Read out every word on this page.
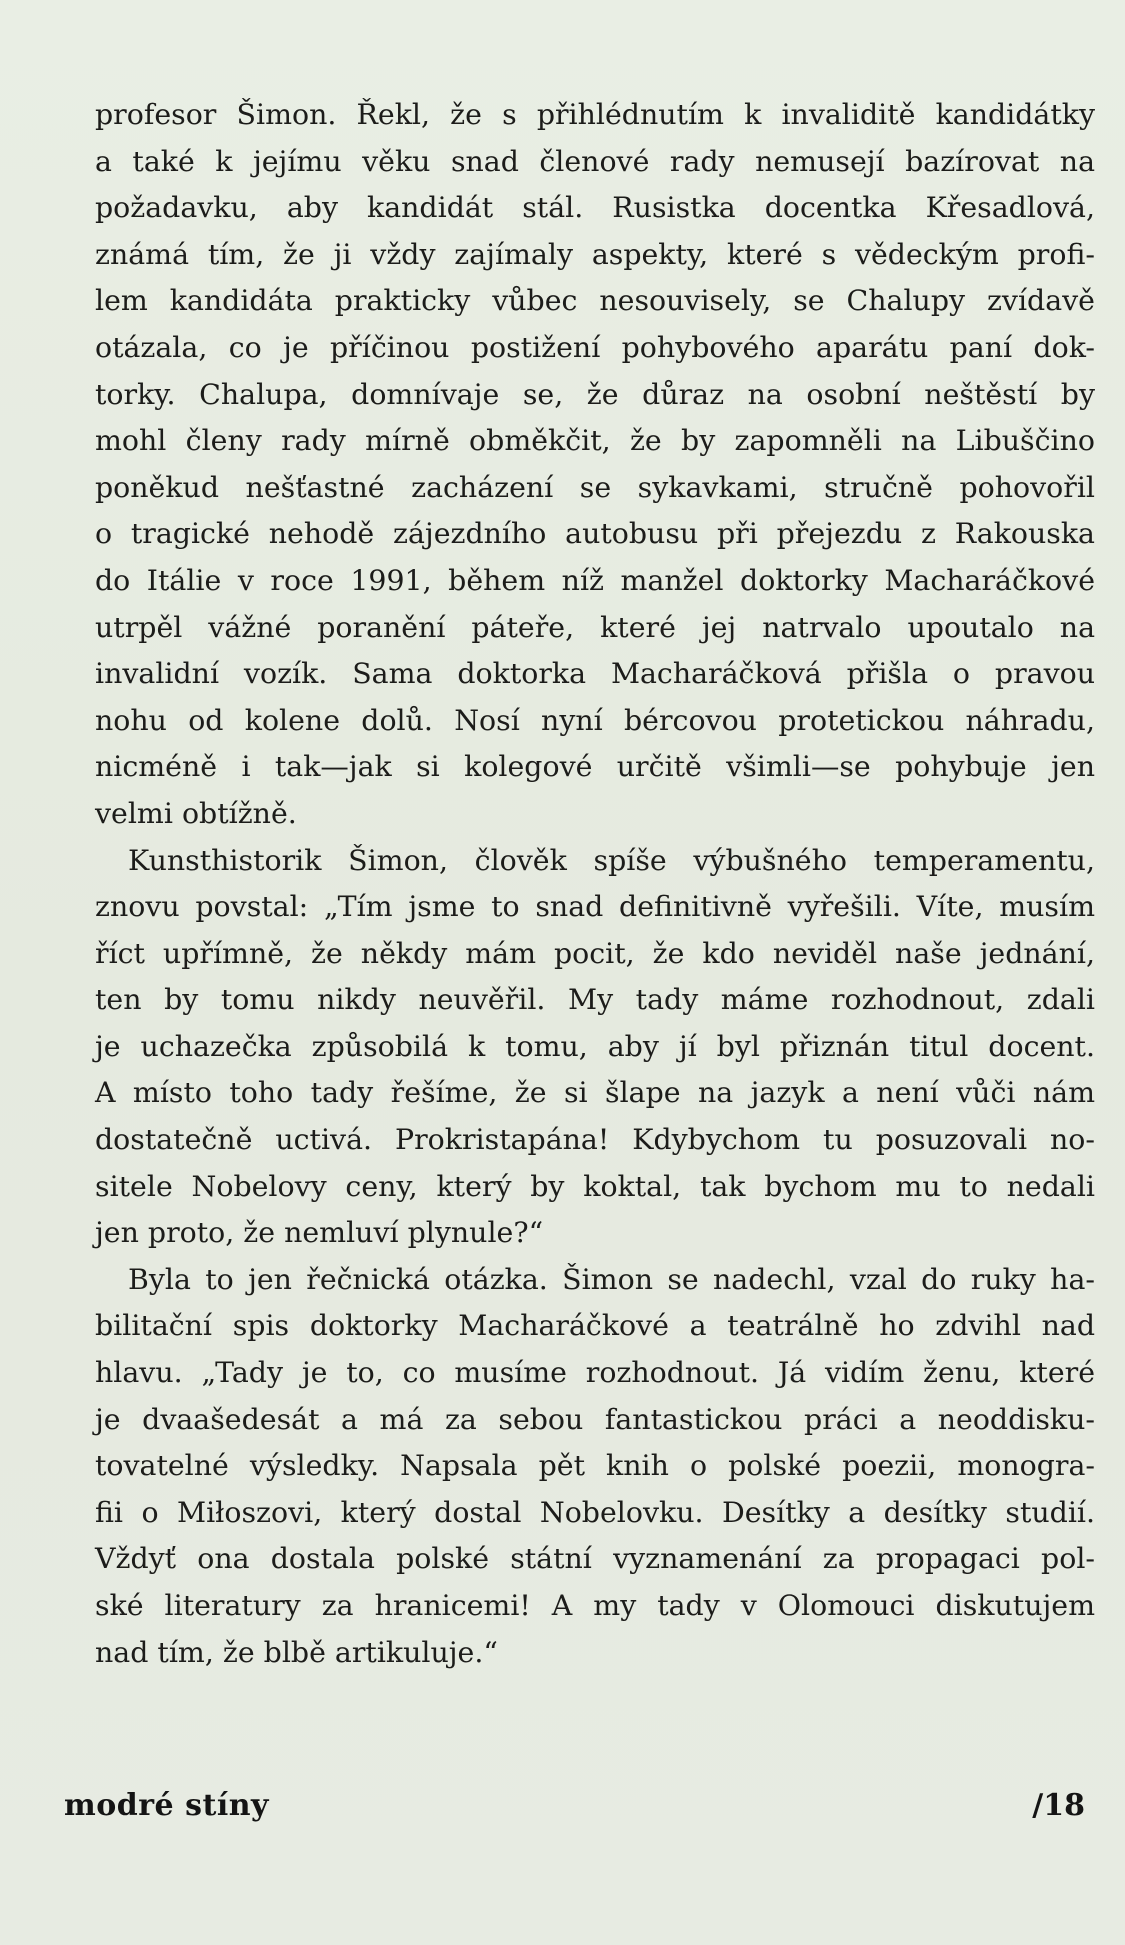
profesor Šimon. Řekl, že s přihlédnutím k invaliditě kandidátky
a také k jejímu věku snad členové rady nemusejí bazírovat na
požadavku, aby kandidát stál. Rusistka docentka Křesadlová,
známá tím, že ji vždy zajímaly aspekty, které s vědeckým profi-
lem kandidáta prakticky vůbec nesouvisely, se Chalupy zvídavě
otázala, co je příčinou postižení pohybového aparátu paní dok-
torky. Chalupa, domnívaje se, že důraz na osobní neštěstí by
mohl členy rady mírně obměkčit, že by zapomněli na Libuščino
poněkud nešťastné zacházení se sykavkami, stručně pohovořil
o tragické nehodě zájezdního autobusu při přejezdu z Rakouska
do Itálie v roce 1991, během níž manžel doktorky Macharáčkové
utrpěl vážné poranění páteře, které jej natrvalo upoutalo na
invalidní vozík. Sama doktorka Macharáčková přišla o pravou
nohu od kolene dolů. Nosí nyní bércovou protetickou náhradu,
nicméně i tak—jak si kolegové určitě všimli—se pohybuje jen
velmi obtížně.
Kunsthistorik Šimon, člověk spíše výbušného temperamentu,
znovu povstal: „Tím jsme to snad definitivně vyřešili. Víte, musím
říct upřímně, že někdy mám pocit, že kdo neviděl naše jednání,
ten by tomu nikdy neuvěřil. My tady máme rozhodnout, zdali
je uchazečka způsobilá k tomu, aby jí byl přiznán titul docent.
A místo toho tady řešíme, že si šlape na jazyk a není vůči nám
dostatečně uctivá. Prokristapána! Kdybychom tu posuzovali no-
sitele Nobelovy ceny, který by koktal, tak bychom mu to nedali
jen proto, že nemluví plynule?“
Byla to jen řečnická otázka. Šimon se nadechl, vzal do ruky ha-
bilitační spis doktorky Macharáčkové a teatrálně ho zdvihl nad
hlavu. „Tady je to, co musíme rozhodnout. Já vidím ženu, které
je dvaašedesát a má za sebou fantastickou práci a neoddisku-
tovatelné výsledky. Napsala pět knih o polské poezii, monogra-
fii o Miłoszovi, který dostal Nobelovku. Desítky a desítky studií.
Vždyť ona dostala polské státní vyznamenání za propagaci pol-
ské literatury za hranicemi! A my tady v Olomouci diskutujem
nad tím, že blbě artikuluje.“
modré stíny	/18
